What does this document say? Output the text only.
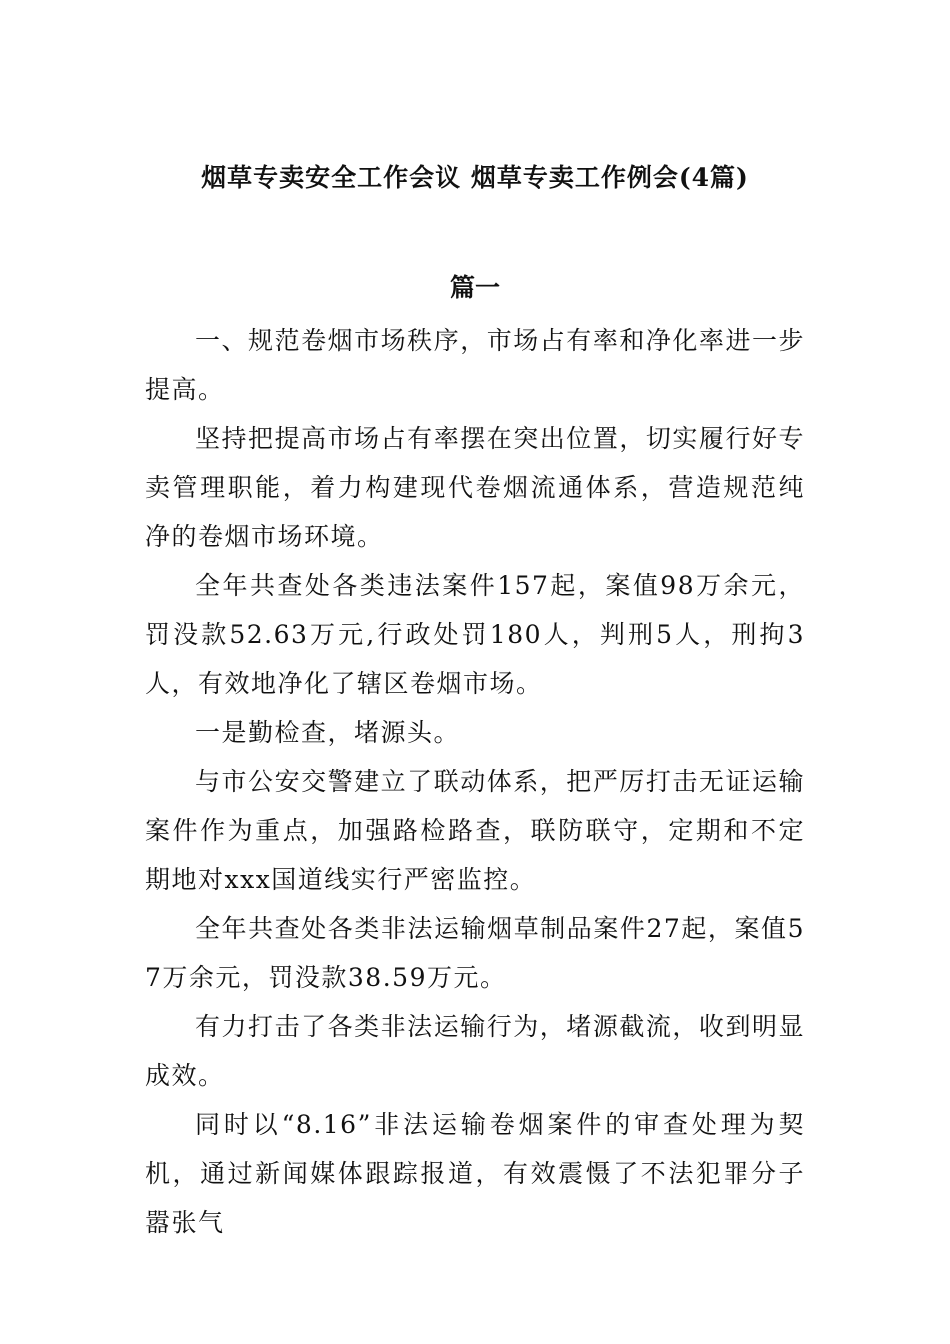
烟草专卖安全工作会议 烟草专卖工作例会(4篇)
篇一

一、规范卷烟市场秩序，市场占有率和净化率进一步提高。

坚持把提高市场占有率摆在突出位置，切实履行好专卖管理职能，着力构建现代卷烟流通体系，营造规范纯净的卷烟市场环境。

全年共查处各类违法案件157起，案值98万余元，罚没款52.63万元,行政处罚180人，判刑5人，刑拘3人，有效地净化了辖区卷烟市场。

一是勤检查，堵源头。

与市公安交警建立了联动体系，把严厉打击无证运输案件作为重点，加强路检路查，联防联守，定期和不定期地对xxx国道线实行严密监控。

全年共查处各类非法运输烟草制品案件27起，案值57万余元，罚没款38.59万元。

有力打击了各类非法运输行为，堵源截流，收到明显成效。

同时以“8.16”非法运输卷烟案件的审查处理为契机，通过新闻媒体跟踪报道，有效震慑了不法犯罪分子嚣张气
